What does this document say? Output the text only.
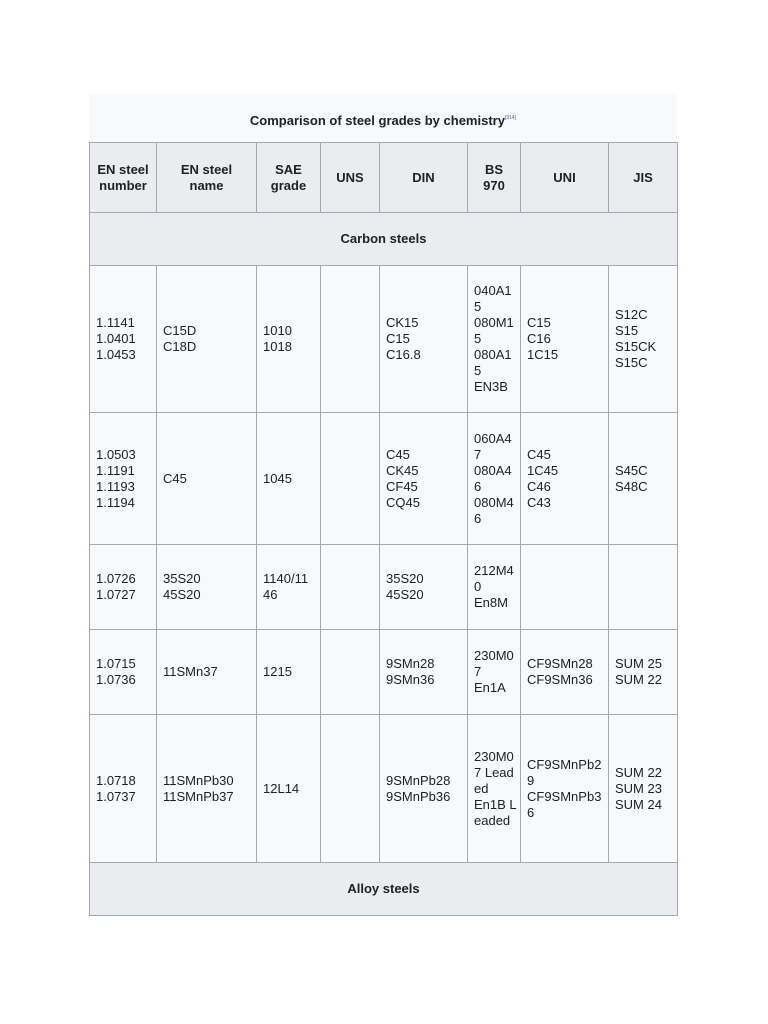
Comparison of steel grades by chemistry[314]
EN steel
number	EN steel
name	SAE
grade	UNS	DIN	BS
970	UNI	JIS

Carbon steels							

1.1141
1.0401
1.0453	C15D
C18D	1010
1018		CK15
C15
C16.8	040A15
080M15
080A15
EN3B	C15
C16
1C15	S12C
S15
S15CK
S15C

1.0503
1.1191
1.1193
1.1194	C45	1045		C45
CK45
CF45
CQ45	060A47
080A46
080M46	C45
1C45
C46
C43	S45C
S48C

1.0726
1.0727	35S20
45S20	1140/1146		35S20
45S20	212M40
En8M		

1.0715
1.0736	11SMn37	1215		9SMn28
9SMn36	230M07
En1A	CF9SMn28
CF9SMn36	SUM 25
SUM 22

1.0718
1.0737	11SMnPb30
11SMnPb37	12L14		9SMnPb28
9SMnPb36	230M07 Leaded
En1B Leaded	CF9SMnPb29
CF9SMnPb36	SUM 22
SUM 23
SUM 24

Alloy steels							
